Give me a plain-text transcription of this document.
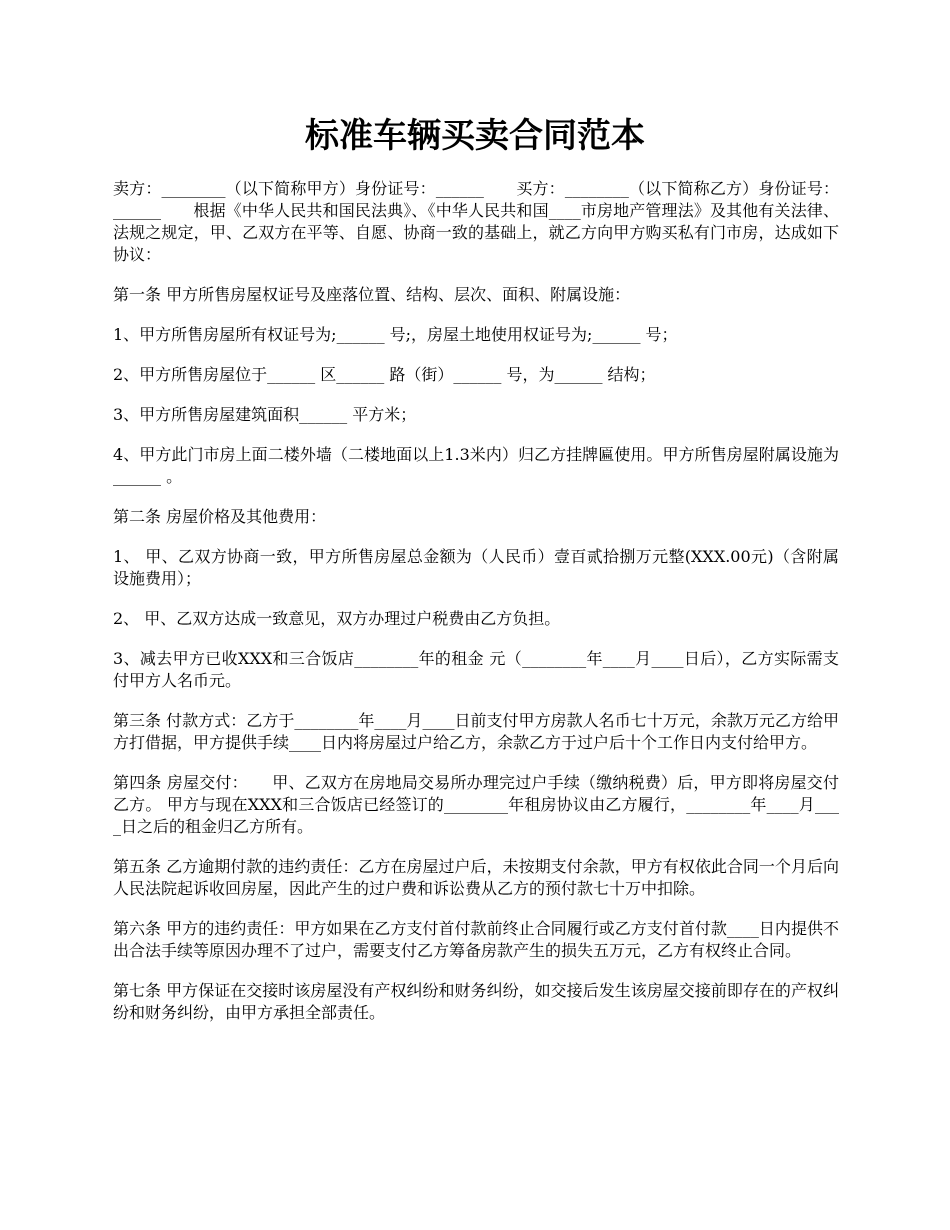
标准车辆买卖合同范本

卖方：________（以下简称甲方）身份证号：______　　买方：________（以下简称乙方）身份证号：______　　根据《中华人民共和国民法典》、《中华人民共和国____市房地产管理法》及其他有关法律、法规之规定，甲、乙双方在平等、自愿、协商一致的基础上，就乙方向甲方购买私有门市房，达成如下协议：

第一条 甲方所售房屋权证号及座落位置、结构、层次、面积、附属设施：

1、甲方所售房屋所有权证号为;______ 号;，房屋土地使用权证号为;______ 号；

2、甲方所售房屋位于______ 区______ 路（街）______ 号，为______ 结构；

3、甲方所售房屋建筑面积______ 平方米；

4、甲方此门市房上面二楼外墙（二楼地面以上1.3米内）归乙方挂牌匾使用。甲方所售房屋附属设施为______ 。

第二条 房屋价格及其他费用：

1、 甲、乙双方协商一致，甲方所售房屋总金额为（人民币）壹百贰拾捌万元整(XXX.00元)（含附属设施费用）；

2、 甲、乙双方达成一致意见，双方办理过户税费由乙方负担。

3、减去甲方已收XXX和三合饭店________年的租金 元（________年____月____日后），乙方实际需支付甲方人名币元。

第三条 付款方式：乙方于________年____月____日前支付甲方房款人名币七十万元，余款万元乙方给甲方打借据，甲方提供手续____日内将房屋过户给乙方，余款乙方于过户后十个工作日内支付给甲方。

第四条 房屋交付：　　甲、乙双方在房地局交易所办理完过户手续（缴纳税费）后，甲方即将房屋交付乙方。 甲方与现在XXX和三合饭店已经签订的________年租房协议由乙方履行，________年____月____日之后的租金归乙方所有。

第五条 乙方逾期付款的违约责任：乙方在房屋过户后，未按期支付余款，甲方有权依此合同一个月后向人民法院起诉收回房屋，因此产生的过户费和诉讼费从乙方的预付款七十万中扣除。

第六条 甲方的违约责任：甲方如果在乙方支付首付款前终止合同履行或乙方支付首付款____日内提供不出合法手续等原因办理不了过户，需要支付乙方筹备房款产生的损失五万元，乙方有权终止合同。

第七条 甲方保证在交接时该房屋没有产权纠纷和财务纠纷，如交接后发生该房屋交接前即存在的产权纠纷和财务纠纷，由甲方承担全部责任。
